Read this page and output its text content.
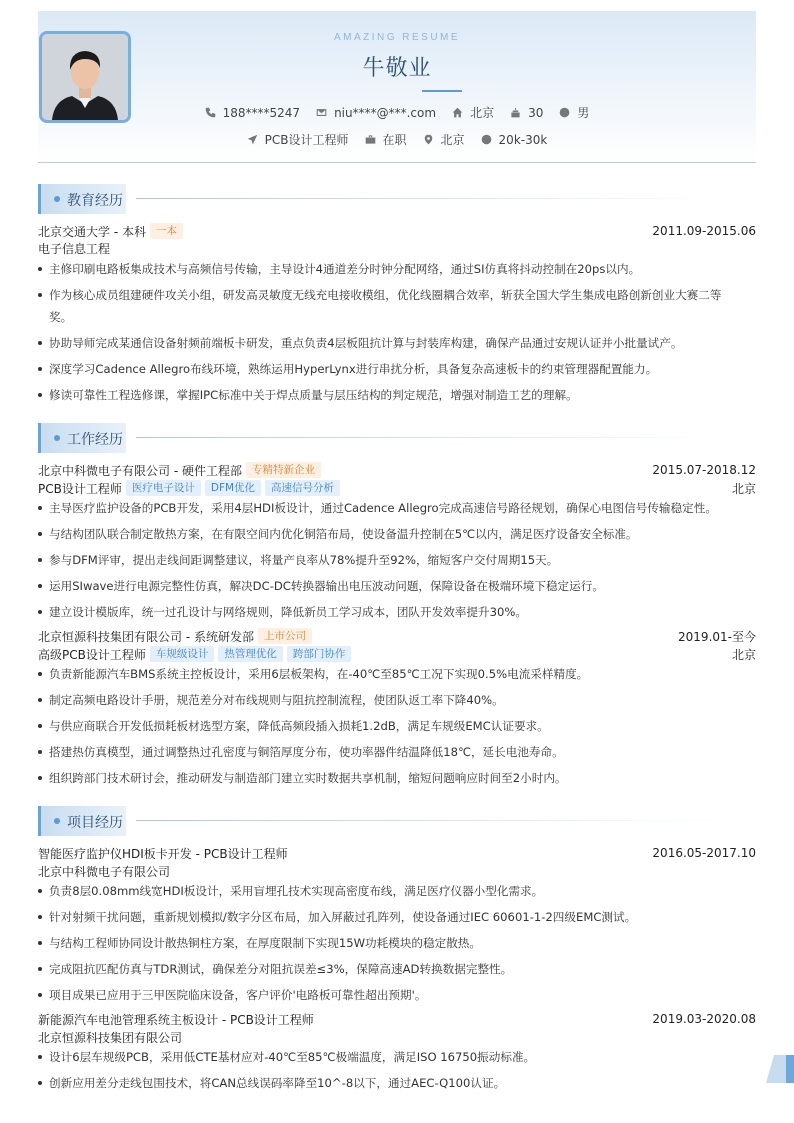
AMAZING RESUME
牛敬业
188****5247	niu****@***.com	北京	30	男
PCB设计工程师	在职	北京	20k-30k
教育经历
北京交通大学 - 本科 一本	2011.09-2015.06
电子信息工程
主修印刷电路板集成技术与高频信号传输，主导设计4通道差分时钟分配网络，通过SI仿真将抖动控制在20ps以内。
作为核心成员组建硬件攻关小组，研发高灵敏度无线充电接收模组，优化线圈耦合效率，斩获全国大学生集成电路创新创业大赛二等
奖。
协助导师完成某通信设备射频前端板卡研发，重点负责4层板阻抗计算与封装库构建，确保产品通过安规认证并小批量试产。
深度学习Cadence Allegro布线环境，熟练运用HyperLynx进行串扰分析，具备复杂高速板卡的约束管理器配置能力。
修读可靠性工程选修课，掌握IPC标准中关于焊点质量与层压结构的判定规范，增强对制造工艺的理解。
工作经历
北京中科微电子有限公司 - 硬件工程部 专精特新企业	2015.07-2018.12
PCB设计工程师 医疗电子设计	DFM优化	高速信号分析	北京
主导医疗监护设备的PCB开发，采用4层HDI板设计，通过Cadence Allegro完成高速信号路径规划，确保心电图信号传输稳定性。
与结构团队联合制定散热方案，在有限空间内优化铜箔布局，使设备温升控制在5℃以内，满足医疗设备安全标准。
参与DFM评审，提出走线间距调整建议，将量产良率从78%提升至92%，缩短客户交付周期15天。
运用SIwave进行电源完整性仿真，解决DC-DC转换器输出电压波动问题，保障设备在极端环境下稳定运行。
建立设计模版库，统一过孔设计与网络规则，降低新员工学习成本，团队开发效率提升30%。
北京恒源科技集团有限公司 - 系统研发部 上市公司	2019.01-至今
高级PCB设计工程师 车规级设计	热管理优化	跨部门协作	北京
负责新能源汽车BMS系统主控板设计，采用6层板架构，在-40℃至85℃工况下实现0.5%电流采样精度。
制定高频电路设计手册，规范差分对布线规则与阻抗控制流程，使团队返工率下降40%。
与供应商联合开发低损耗板材选型方案，降低高频段插入损耗1.2dB，满足车规级EMC认证要求。
搭建热仿真模型，通过调整热过孔密度与铜箔厚度分布，使功率器件结温降低18℃，延长电池寿命。
组织跨部门技术研讨会，推动研发与制造部门建立实时数据共享机制，缩短问题响应时间至2小时内。
项目经历
智能医疗监护仪HDI板卡开发 - PCB设计工程师	2016.05-2017.10
北京中科微电子有限公司
负责8层0.08mm线宽HDI板设计，采用盲埋孔技术实现高密度布线，满足医疗仪器小型化需求。
针对射频干扰问题，重新规划模拟/数字分区布局，加入屏蔽过孔阵列，使设备通过IEC 60601-1-2四级EMC测试。
与结构工程师协同设计散热铜柱方案，在厚度限制下实现15W功耗模块的稳定散热。
完成阻抗匹配仿真与TDR测试，确保差分对阻抗误差≤3%，保障高速AD转换数据完整性。
项目成果已应用于三甲医院临床设备，客户评价'电路板可靠性超出预期'。
新能源汽车电池管理系统主板设计 - PCB设计工程师	2019.03-2020.08
北京恒源科技集团有限公司
设计6层车规级PCB，采用低CTE基材应对-40℃至85℃极端温度，满足ISO 16750振动标准。
创新应用差分走线包围技术，将CAN总线误码率降至10^-8以下，通过AEC-Q100认证。
